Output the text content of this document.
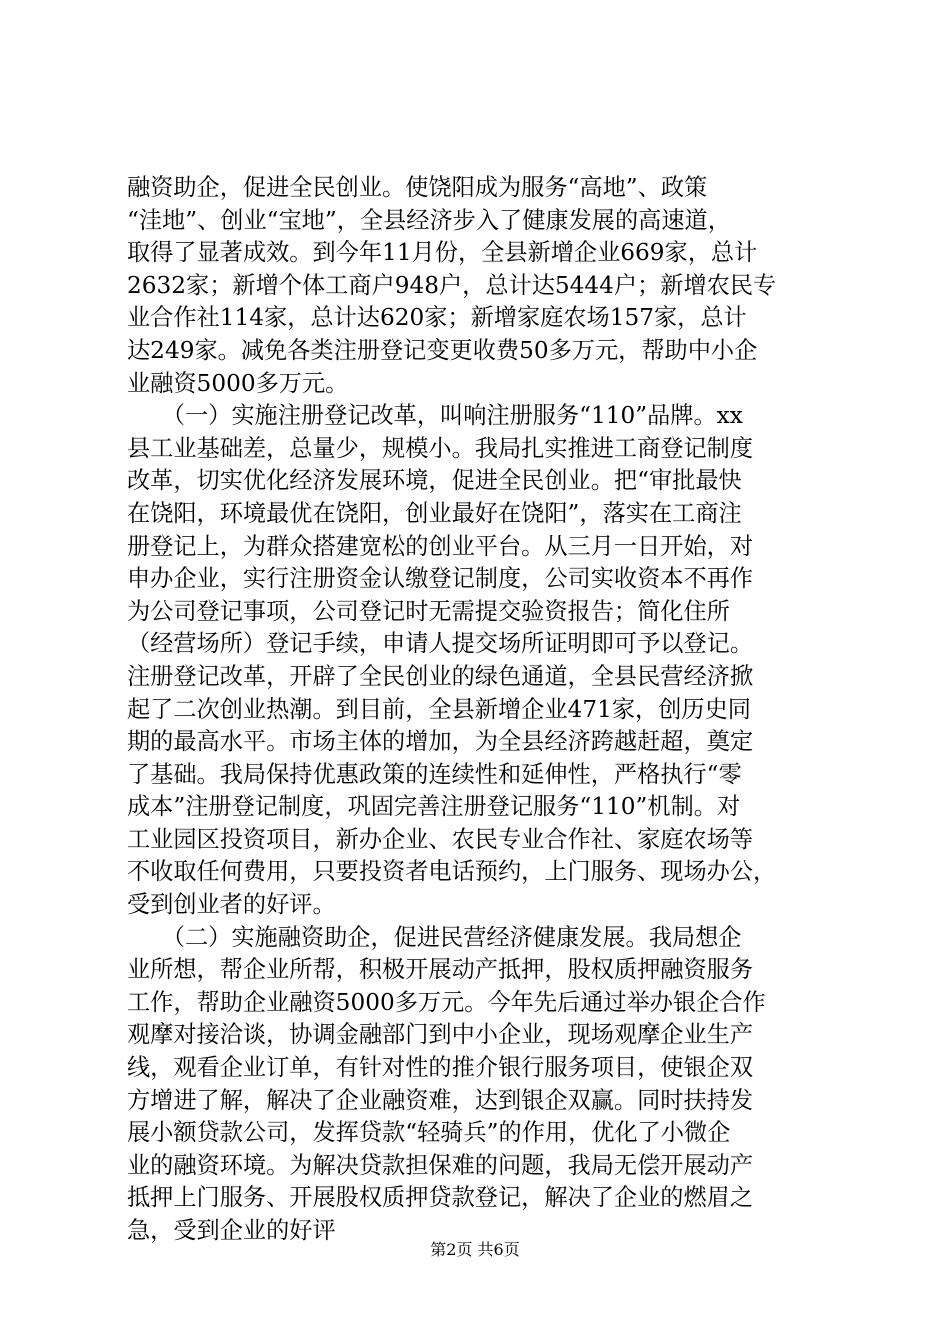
融资助企，促进全民创业。使饶阳成为服务“高地”、政策
“洼地”、创业“宝地”，全县经济步入了健康发展的高速道，
取得了显著成效。到今年11月份，全县新增企业669家，总计
2632家；新增个体工商户948户，总计达5444户；新增农民专
业合作社114家，总计达620家；新增家庭农场157家，总计
达249家。减免各类注册登记变更收费50多万元，帮助中小企
业融资5000多万元。
　　（一）实施注册登记改革，叫响注册服务“110”品牌。xx
县工业基础差，总量少，规模小。我局扎实推进工商登记制度
改革，切实优化经济发展环境，促进全民创业。把“审批最快
在饶阳，环境最优在饶阳，创业最好在饶阳”，落实在工商注
册登记上，为群众搭建宽松的创业平台。从三月一日开始，对
申办企业，实行注册资金认缴登记制度，公司实收资本不再作
为公司登记事项，公司登记时无需提交验资报告；简化住所
（经营场所）登记手续，申请人提交场所证明即可予以登记。
注册登记改革，开辟了全民创业的绿色通道，全县民营经济掀
起了二次创业热潮。到目前，全县新增企业471家，创历史同
期的最高水平。市场主体的增加，为全县经济跨越赶超，奠定
了基础。我局保持优惠政策的连续性和延伸性，严格执行“零
成本”注册登记制度，巩固完善注册登记服务“110”机制。对
工业园区投资项目，新办企业、农民专业合作社、家庭农场等
不收取任何费用，只要投资者电话预约，上门服务、现场办公，
受到创业者的好评。
　　（二）实施融资助企，促进民营经济健康发展。我局想企
业所想，帮企业所帮，积极开展动产抵押，股权质押融资服务
工作，帮助企业融资5000多万元。今年先后通过举办银企合作
观摩对接洽谈，协调金融部门到中小企业，现场观摩企业生产
线，观看企业订单，有针对性的推介银行服务项目，使银企双
方增进了解，解决了企业融资难，达到银企双赢。同时扶持发
展小额贷款公司，发挥贷款“轻骑兵”的作用，优化了小微企
业的融资环境。为解决贷款担保难的问题，我局无偿开展动产
抵押上门服务、开展股权质押贷款登记，解决了企业的燃眉之
急，受到企业的好评
第2页 共6页
